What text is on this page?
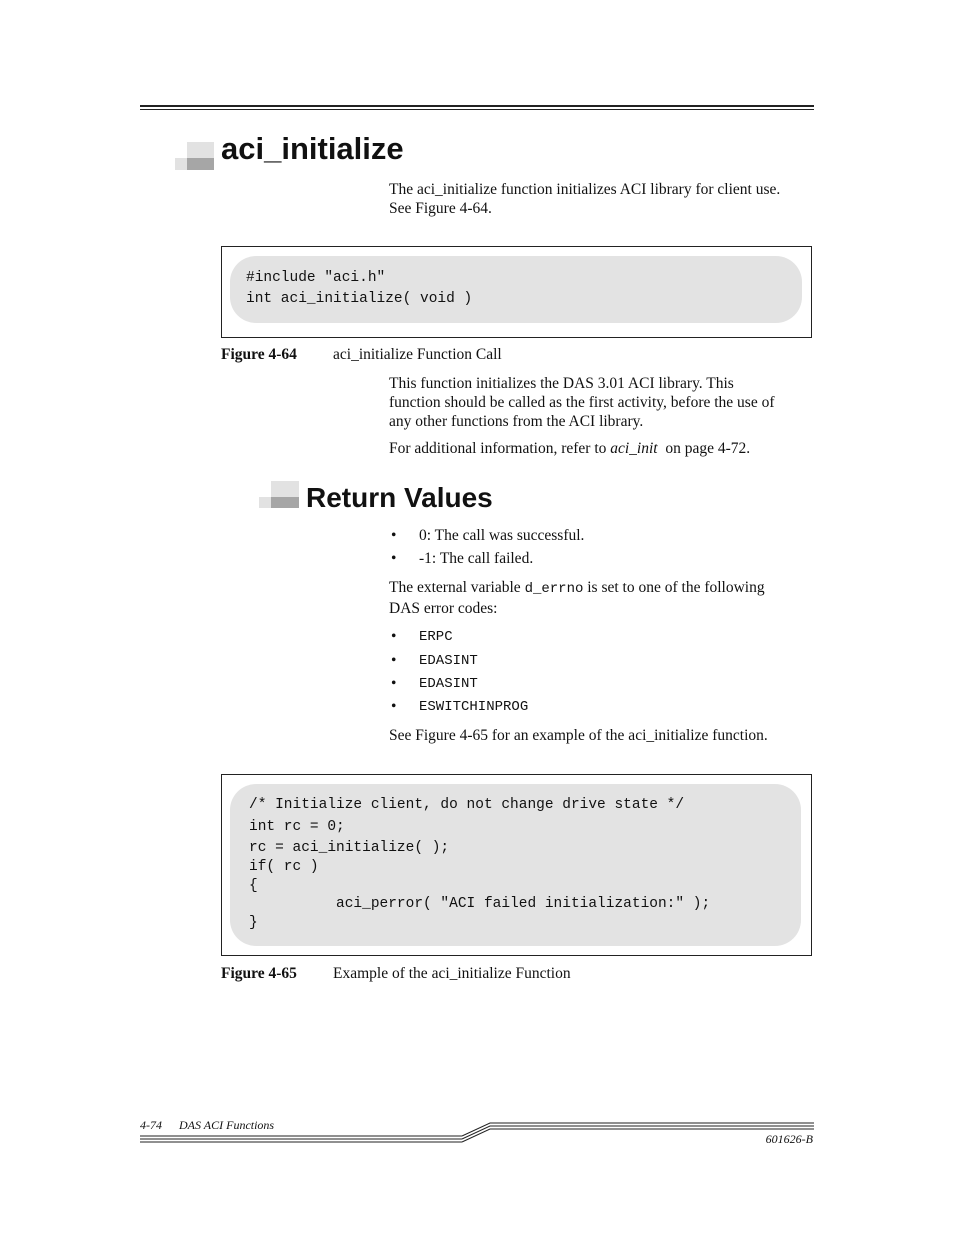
aci_initialize
The aci_initialize function initializes ACI library for client use.
See Figure 4-64.
#include "aci.h"
int aci_initialize( void )
Figure 4-64 aci_initialize Function Call
This function initializes the DAS 3.01 ACI library. This
function should be called as the first activity, before the use of
any other functions from the ACI library.
For additional information, refer to aci_init  on page 4-72.
Return Values
• 0: The call was successful.
• -1: The call failed.
The external variable d_errno is set to one of the following
DAS error codes:
• ERPC
• EDASINT
• EDASINT
• ESWITCHINPROG
See Figure 4-65 for an example of the aci_initialize function.
/* Initialize client, do not change drive state */
int rc = 0;
rc = aci_initialize( );
if( rc )
{
aci_perror( "ACI failed initialization:" );
}
Figure 4-65 Example of the aci_initialize Function
4-74 DAS ACI Functions
601626-B
